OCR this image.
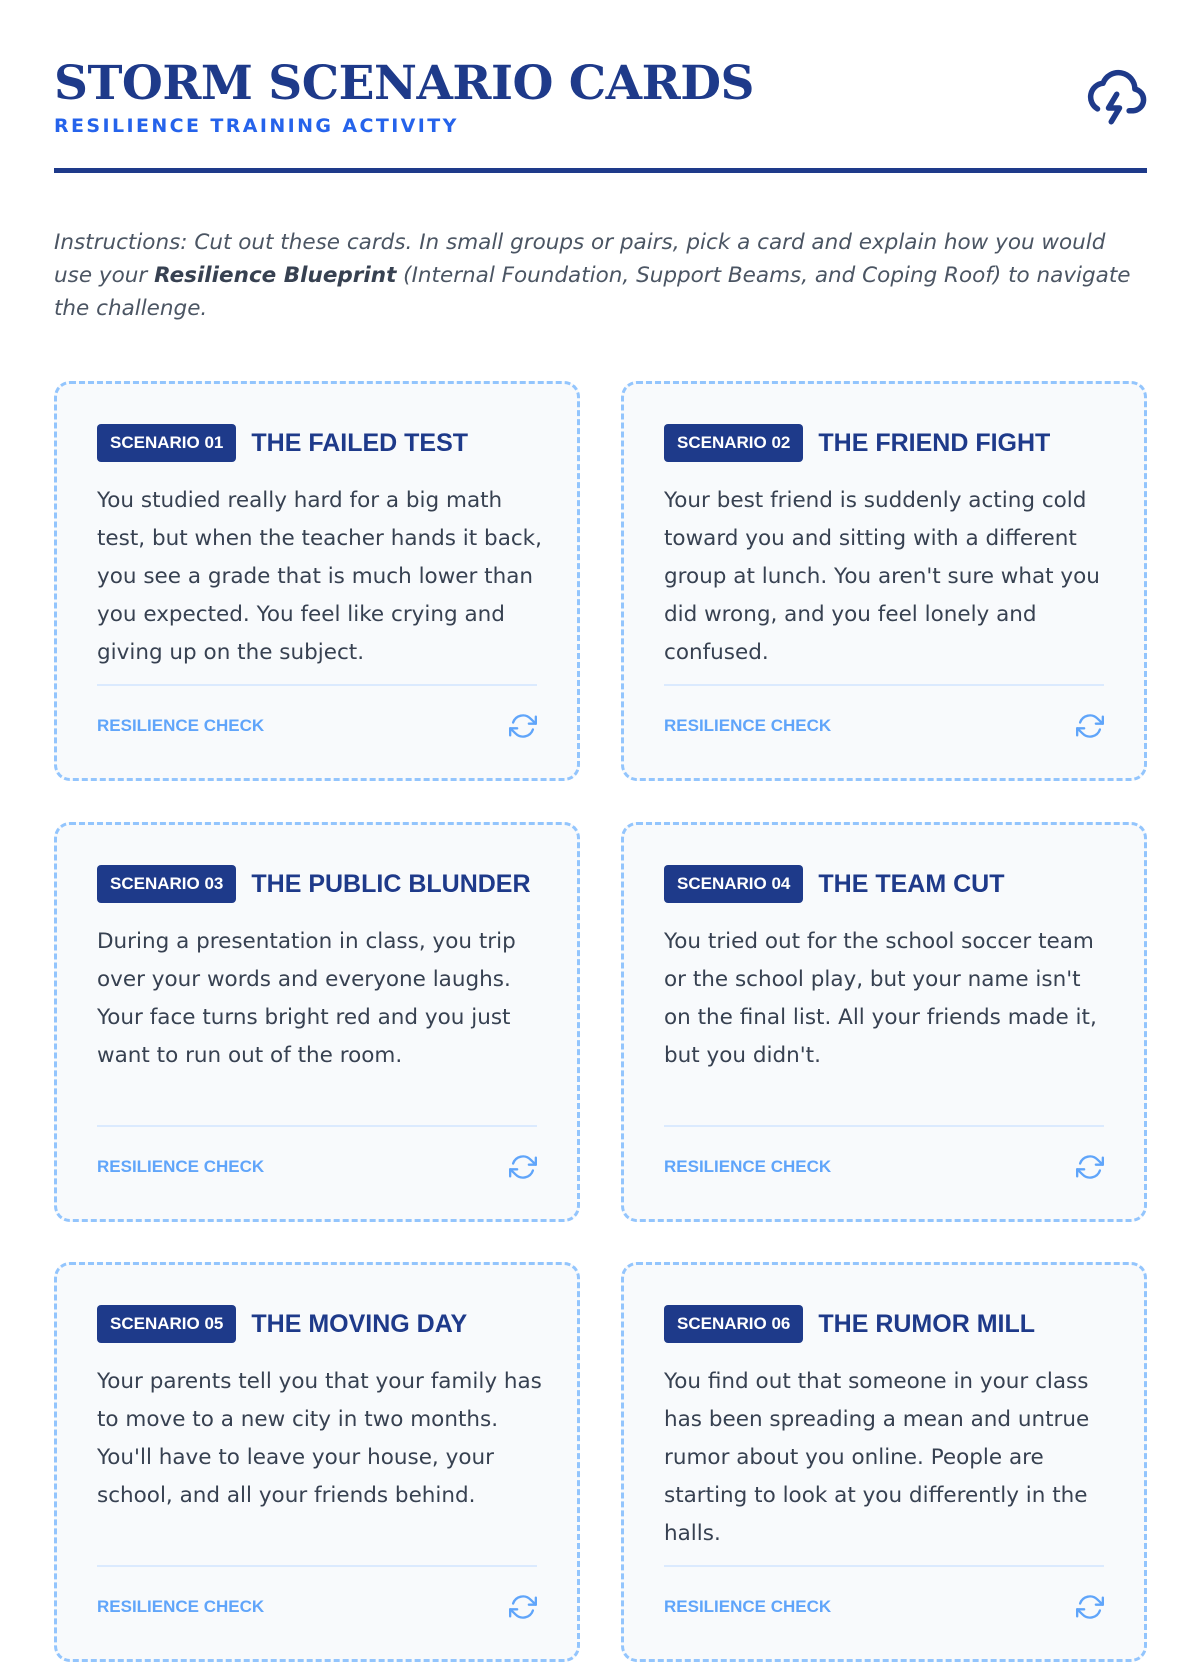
STORM SCENARIO CARDS
RESILIENCE TRAINING ACTIVITY

Instructions: Cut out these cards. In small groups or pairs, pick a card and explain how you would use your Resilience Blueprint (Internal Foundation, Support Beams, and Coping Roof) to navigate the challenge.

SCENARIO 01	THE FAILED TEST

You studied really hard for a big math test, but when the teacher hands it back, you see a grade that is much lower than you expected. You feel like crying and giving up on the subject.

RESILIENCE CHECK
SCENARIO 02	THE FRIEND FIGHT

Your best friend is suddenly acting cold toward you and sitting with a different group at lunch. You aren't sure what you did wrong, and you feel lonely and confused.

RESILIENCE CHECK
SCENARIO 03	THE PUBLIC BLUNDER

During a presentation in class, you trip over your words and everyone laughs. Your face turns bright red and you just want to run out of the room.

RESILIENCE CHECK
SCENARIO 04	THE TEAM CUT

You tried out for the school soccer team or the school play, but your name isn't on the final list. All your friends made it, but you didn't.

RESILIENCE CHECK
SCENARIO 05	THE MOVING DAY

Your parents tell you that your family has to move to a new city in two months. You'll have to leave your house, your school, and all your friends behind.

RESILIENCE CHECK
SCENARIO 06	THE RUMOR MILL

You find out that someone in your class has been spreading a mean and untrue rumor about you online. People are starting to look at you differently in the halls.

RESILIENCE CHECK
